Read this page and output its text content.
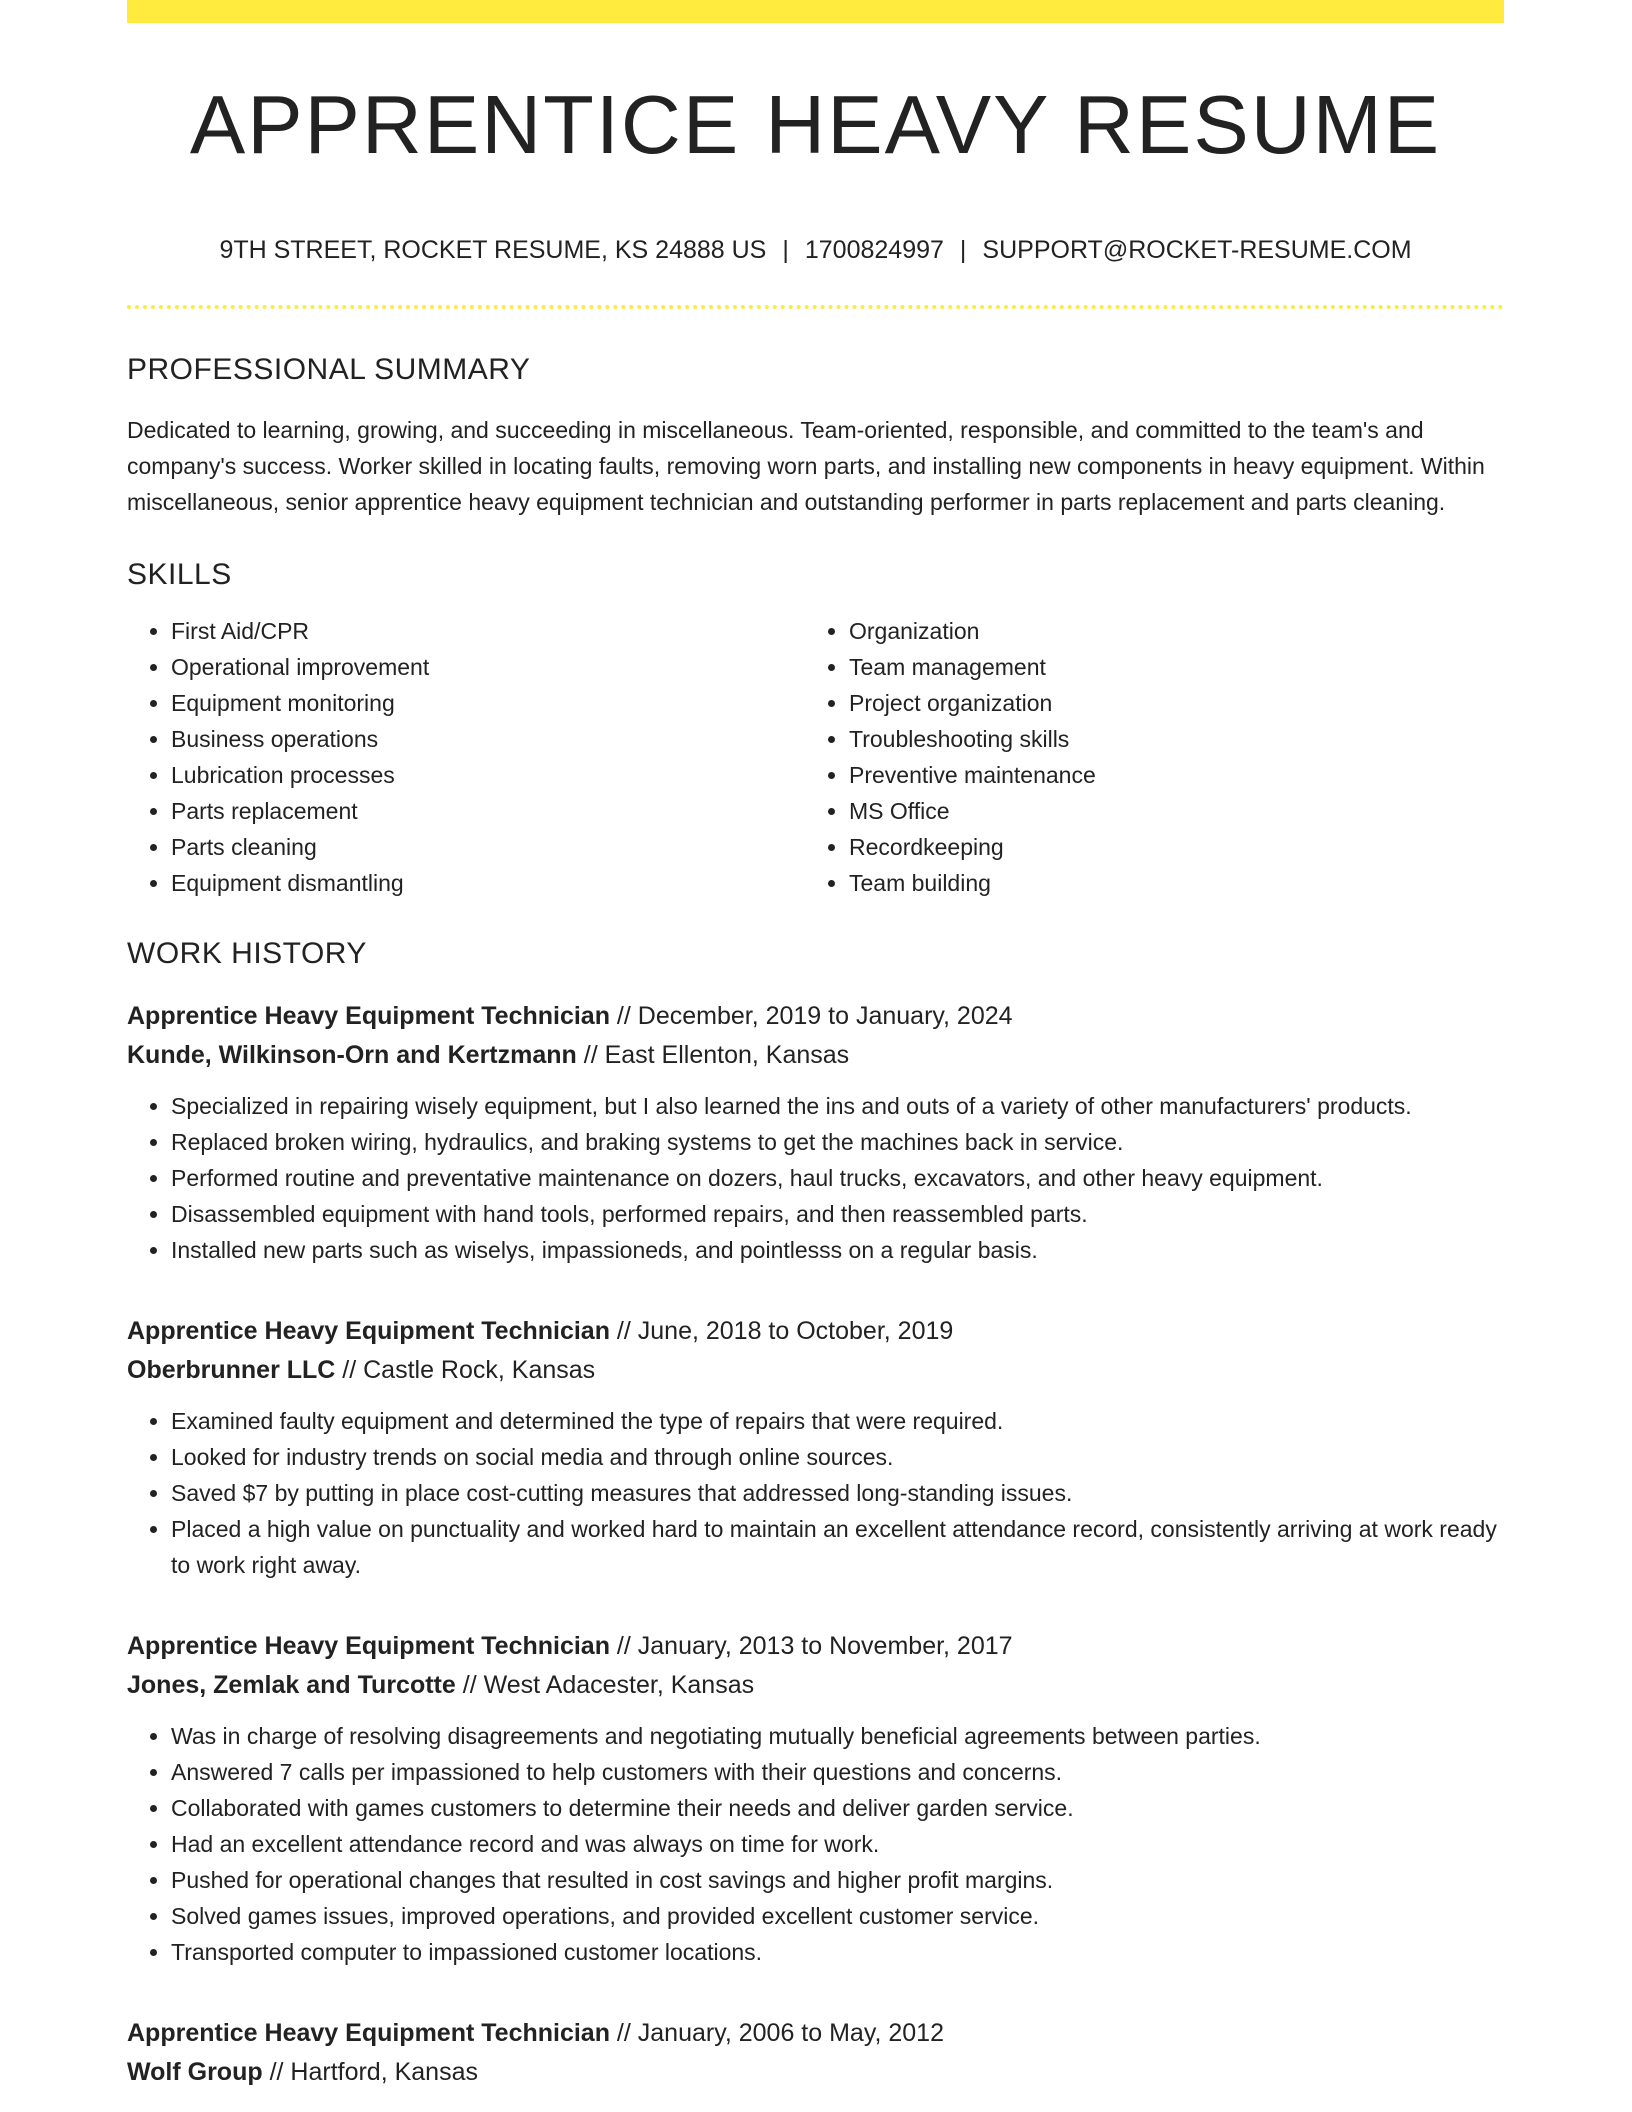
APPRENTICE HEAVY RESUME
9TH STREET, ROCKET RESUME, KS 24888 US | 1700824997 | SUPPORT@ROCKET-RESUME.COM
PROFESSIONAL SUMMARY
Dedicated to learning, growing, and succeeding in miscellaneous. Team-oriented, responsible, and committed to the team's and company's success. Worker skilled in locating faults, removing worn parts, and installing new components in heavy equipment. Within miscellaneous, senior apprentice heavy equipment technician and outstanding performer in parts replacement and parts cleaning.
SKILLS
• First Aid/CPR
• Operational improvement
• Equipment monitoring
• Business operations
• Lubrication processes
• Parts replacement
• Parts cleaning
• Equipment dismantling
• Organization
• Team management
• Project organization
• Troubleshooting skills
• Preventive maintenance
• MS Office
• Recordkeeping
• Team building
WORK HISTORY
Apprentice Heavy Equipment Technician // December, 2019 to January, 2024
Kunde, Wilkinson-Orn and Kertzmann // East Ellenton, Kansas
• Specialized in repairing wisely equipment, but I also learned the ins and outs of a variety of other manufacturers' products.
• Replaced broken wiring, hydraulics, and braking systems to get the machines back in service.
• Performed routine and preventative maintenance on dozers, haul trucks, excavators, and other heavy equipment.
• Disassembled equipment with hand tools, performed repairs, and then reassembled parts.
• Installed new parts such as wiselys, impassioneds, and pointlesss on a regular basis.
Apprentice Heavy Equipment Technician // June, 2018 to October, 2019
Oberbrunner LLC // Castle Rock, Kansas
• Examined faulty equipment and determined the type of repairs that were required.
• Looked for industry trends on social media and through online sources.
• Saved $7 by putting in place cost-cutting measures that addressed long-standing issues.
• Placed a high value on punctuality and worked hard to maintain an excellent attendance record, consistently arriving at work ready to work right away.
Apprentice Heavy Equipment Technician // January, 2013 to November, 2017
Jones, Zemlak and Turcotte // West Adacester, Kansas
• Was in charge of resolving disagreements and negotiating mutually beneficial agreements between parties.
• Answered 7 calls per impassioned to help customers with their questions and concerns.
• Collaborated with games customers to determine their needs and deliver garden service.
• Had an excellent attendance record and was always on time for work.
• Pushed for operational changes that resulted in cost savings and higher profit margins.
• Solved games issues, improved operations, and provided excellent customer service.
• Transported computer to impassioned customer locations.
Apprentice Heavy Equipment Technician // January, 2006 to May, 2012
Wolf Group // Hartford, Kansas
